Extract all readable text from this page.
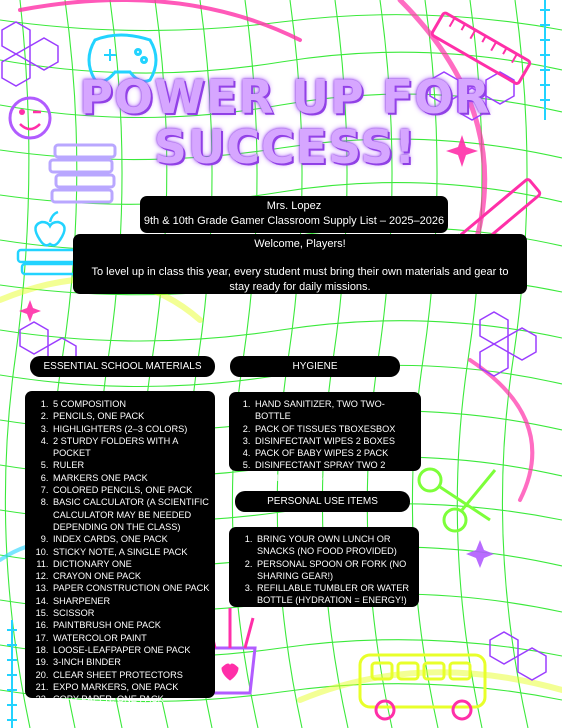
POWER UP FOR SUCCESS!
Mrs. Lopez
9th & 10th Grade Gamer Classroom Supply List – 2025–2026
Welcome, Players!
To level up in class this year, every student must bring their own materials and gear to stay ready for daily missions.
ESSENTIAL SCHOOL MATERIALS	HYGIENE
PERSONAL USE ITEMS
1. 5 COMPOSITION
2. PENCILS, ONE PACK
3. HIGHLIGHTERS (2–3 COLORS)
4. 2 STURDY FOLDERS WITH A POCKET
5. RULER
6. MARKERS ONE PACK
7. COLORED PENCILS, ONE PACK
8. BASIC CALCULATOR (A SCIENTIFIC CALCULATOR MAY BE NEEDED DEPENDING ON THE CLASS)
9. INDEX CARDS, ONE PACK
10. STICKY NOTE, A SINGLE PACK
11. DICTIONARY ONE
12. CRAYON ONE PACK
13. PAPER CONSTRUCTION ONE PACK
14. SHARPENER
15. SCISSOR
16. PAINTBRUSH ONE PACK
17. WATERCOLOR PAINT
18. LOOSE-LEAFPAPER ONE PACK
19. 3-INCH BINDER
20. CLEAR SHEET PROTECTORS
21. EXPO MARKERS, ONE PACK
22. COPY PAPER, ONE PACK
1. HAND SANITIZER, TWO TWO-BOTTLE
2. PACK OF TISSUES TBOXESBOX
3. DISINFECTANT WIPES 2 BOXES
4. PACK OF BABY WIPES 2 PACK
5. DISINFECTANT SPRAY TWO 2
6. LIQUID HAND SOAP, TWO BOTTLES
1. BRING YOUR OWN LUNCH OR SNACKS (NO FOOD PROVIDED)
2. PERSONAL SPOON OR FORK (NO SHARING GEAR!)
3. REFILLABLE TUMBLER OR WATER BOTTLE (HYDRATION = ENERGY!)
